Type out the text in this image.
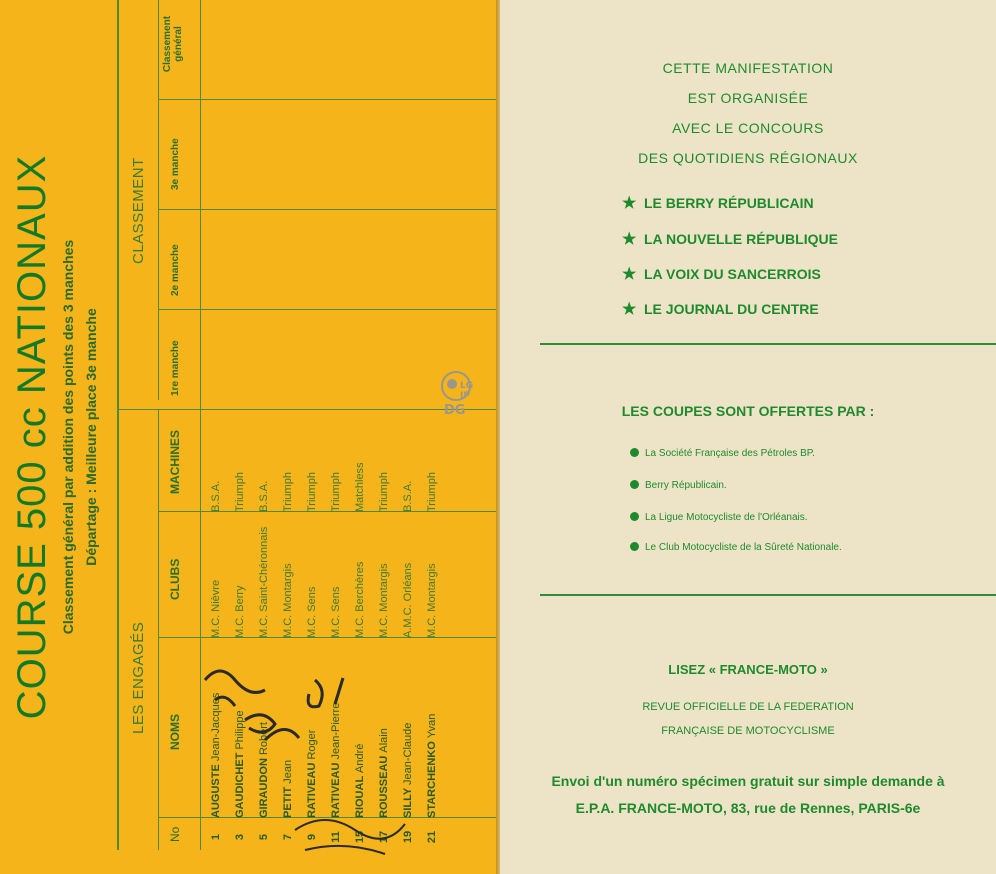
COURSE 500 cc NATIONAUX Classement général par addition des points des 3 manches Départage : Meilleure place 3e manche
LES ENGAGÉS
CLASSEMENT
No
NOMS
CLUBS
MACHINES
1re manche
2e manche
3e manche
Classement général
1
AUGUSTE Jean-Jacques
M.C. Nièvre
B.S.A.
3
GAUDICHET Philippe
M.C. Berry
Triumph
5
GIRAUDON Robert
M.C. Saint-Chéronnais
B.S.A.
7
PETIT Jean
M.C. Montargis
Triumph
9
RATIVEAU Roger
M.C. Sens
Triumph
11
RATIVEAU Jean-Pierre
M.C. Sens
Triumph
15
RIOUAL André
M.C. Berchères
Matchless
17
ROUSSEAU Alain
M.C. Montargis
Triumph
19
SILLY Jean-Claude
A.M.C. Orléans
B.S.A.
21
STARCHENKO Yvan
M.C. Montargis
Triumph
LG
JP
DG
CETTE MANIFESTATION
EST ORGANISÉE
AVEC LE CONCOURS
DES QUOTIDIENS RÉGIONAUX
★ LE BERRY RÉPUBLICAIN
★ LA NOUVELLE RÉPUBLIQUE
★ LA VOIX DU SANCERROIS
★ LE JOURNAL DU CENTRE
LES COUPES SONT OFFERTES PAR :
La Société Française des Pétroles BP.
Berry Républicain.
La Ligue Motocycliste de l'Orléanais.
Le Club Motocycliste de la Sûreté Nationale.
LISEZ « FRANCE-MOTO »
REVUE OFFICIELLE DE LA FEDERATION
FRANÇAISE DE MOTOCYCLISME
Envoi d'un numéro spécimen gratuit sur simple demande à
E.P.A. FRANCE-MOTO, 83, rue de Rennes, PARIS-6e
